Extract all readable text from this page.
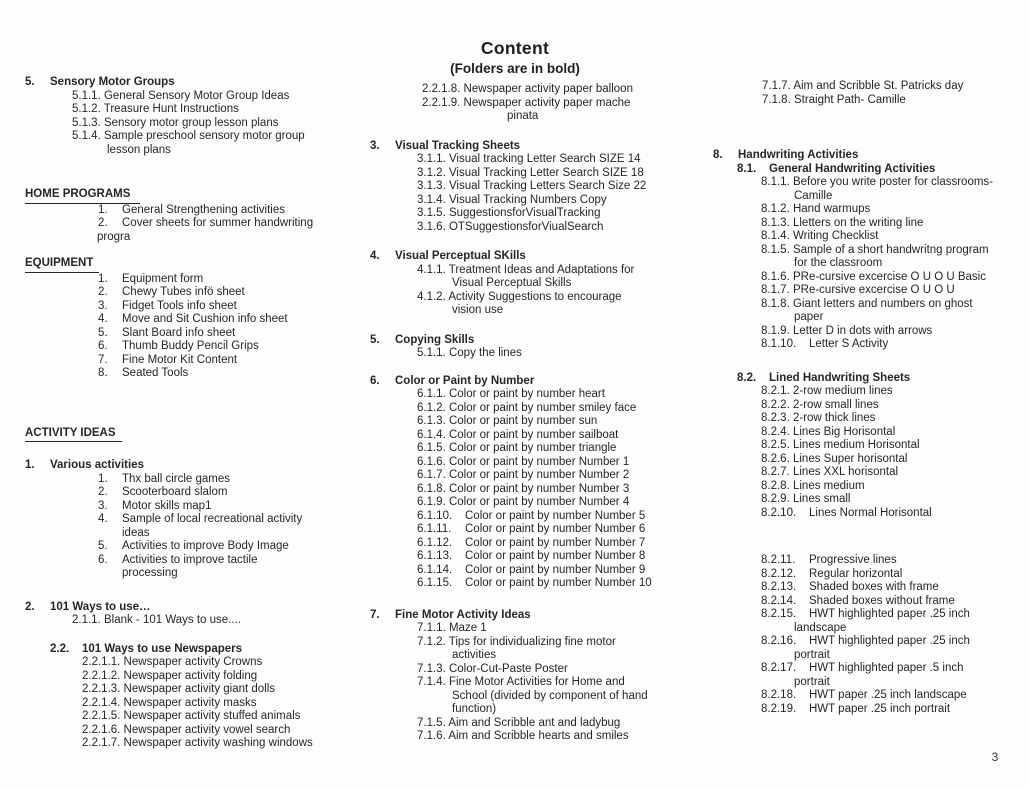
Content
(Folders are in bold)
5. Sensory Motor Groups
5.1.1. General Sensory Motor Group Ideas
5.1.2. Treasure Hunt Instructions
5.1.3. Sensory motor group lesson plans
5.1.4. Sample preschool sensory motor group
lesson plans
HOME PROGRAMS
1. General Strengthening activities
2. Cover sheets for summer handwriting
progra
EQUIPMENT
1. Equipment form
2. Chewy Tubes infö sheet
3. Fidget Tools info sheet
4. Move and Sit Cushion info sheet
5. Slant Board info sheet
6. Thumb Buddy Pencil Grips
7. Fine Motor Kit Content
8. Seated Tools
ACTIVITY IDEAS
1. Various activities
1. Thx ball circle games
2. Scooterboard slalom
3. Motor skills map1
4. Sample of local recreational activity
ideas
5. Activities to improve Body Image
6. Activities to improve tactile
processing
2. 101 Ways to use…
2.1.1. Blank - 101 Ways to use....
2.2. 101 Ways to use Newspapers
2.2.1.1. Newspaper activity Crowns
2.2.1.2. Newspaper activity folding
2.2.1.3. Newspaper activity giant dolls
2.2.1.4. Newspaper activity masks
2.2.1.5. Newspaper activity stuffed animals
2.2.1.6. Newspaper activity vowel search
2.2.1.7. Newspaper activity washing windows
2.2.1.8. Newspaper activity paper balloon
2.2.1.9. Newspaper activity paper mache
pinata
3. Visual Tracking Sheets
3.1.1. Visual tracking Letter Search SIZE 14
3.1.2. Visual Tracking Letter Search SIZE 18
3.1.3. Visual Tracking Letters Search Size 22
3.1.4. Visual Tracking Numbers Copy
3.1.5. SuggestionsforVisualTracking
3.1.6. OTSuggestionsforViualSearch
4. Visual Perceptual SKills
4.1.1. Treatment Ideas and Adaptations for
Visual Perceptual Skills
4.1.2. Activity Suggestions to encourage
vision use
5. Copying Skills
5.1.1. Copy the lines
6. Color or Paint by Number
6.1.1. Color or paint by number heart
6.1.2. Color or paint by number smiley face
6.1.3. Color or paint by number sun
6.1.4. Color or paint by number sailboat
6.1.5. Color or paint by number triangle
6.1.6. Color or paint by number Number 1
6.1.7. Color or paint by number Number 2
6.1.8. Color or paint by number Number 3
6.1.9. Color or paint by number Number 4
6.1.10. Color or paint by number Number 5
6.1.11. Color or paint by number Number 6
6.1.12. Color or paint by number Number 7
6.1.13. Color or paint by number Number 8
6.1.14. Color or paint by number Number 9
6.1.15. Color or paint by number Number 10
7. Fine Motor Activity Ideas
7.1.1. Maze 1
7.1.2. Tips for individualizing fine motor
activities
7.1.3. Color-Cut-Paste Poster
7.1.4. Fine Motor Activities for Home and
School (divided by component of hand
function)
7.1.5. Aim and Scribble ant and ladybug
7.1.6. Aim and Scribble hearts and smiles
7.1.7. Aim and Scribble St. Patricks day
7.1.8. Straight Path- Camille
8. Handwriting Activities
8.1. General Handwriting Activities
8.1.1. Before you write poster for classrooms-
Camille
8.1.2. Hand warmups
8.1.3. Lletters on the writing line
8.1.4. Writing Checklist
8.1.5. Sample of a short handwritng program
for the classroom
8.1.6. PRe-cursive excercise O U O U Basic
8.1.7. PRe-cursive excercise O U O U
8.1.8. Giant letters and numbers on ghost
paper
8.1.9. Letter D in dots with arrows
8.1.10. Letter S Activity
8.2. Lined Handwriting Sheets
8.2.1. 2-row medium lines
8.2.2. 2-row small lines
8.2.3. 2-row thick lines
8.2.4. Lines Big Horisontal
8.2.5. Lines medium Horisontal
8.2.6. Lines Super horisontal
8.2.7. Lines XXL horisontal
8.2.8. Lines medium
8.2.9. Lines small
8.2.10. Lines Normal Horisontal
8.2.11. Progressive lines
8.2.12. Regular horizontal
8.2.13. Shaded boxes with frame
8.2.14. Shaded boxes without frame
8.2.15. HWT highlighted paper .25 inch
landscape
8.2.16. HWT highlighted paper .25 inch
portrait
8.2.17. HWT highlighted paper .5 inch
portrait
8.2.18. HWT paper .25 inch landscape
8.2.19. HWT paper .25 inch portrait
3
